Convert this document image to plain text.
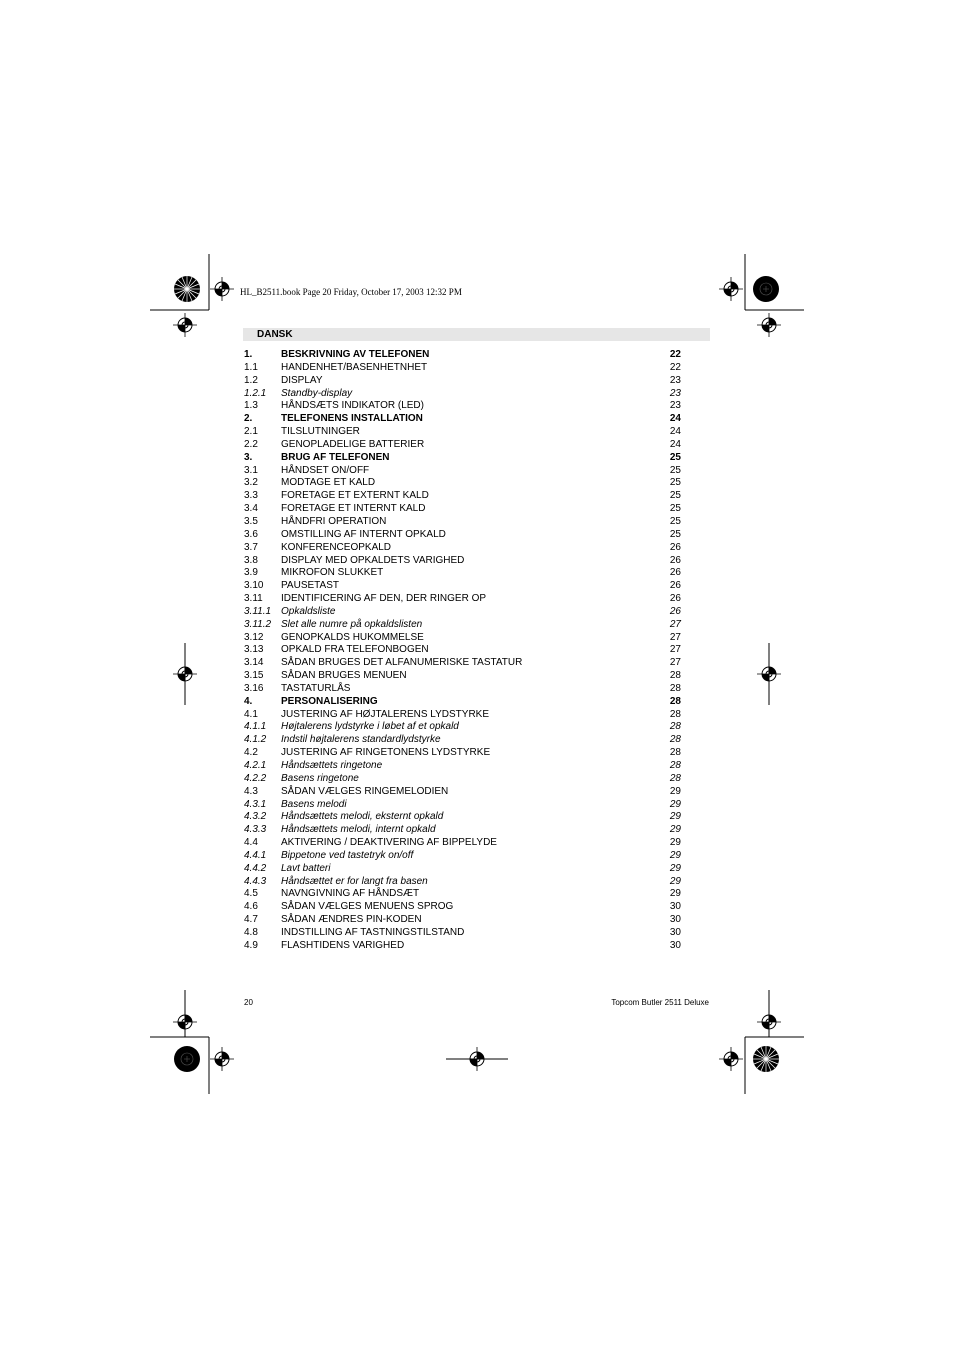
HL_B2511.book Page 20 Friday, October 17, 2003 12:32 PM
DANSK
1.	BESKRIVNING AV TELEFONEN	22
1.1 HANDENHET/BASENHETNHET	22
1.2 DISPLAY	23
1.2.1 Standby-display	23
1.3 HÅNDSÆTS INDIKATOR (LED)	23
2.	TELEFONENS INSTALLATION	24
2.1 TILSLUTNINGER	24
2.2 GENOPLADELIGE BATTERIER	24
3.	BRUG AF TELEFONEN	25
3.1 HÅNDSET ON/OFF	25
3.2 MODTAGE ET KALD	25
3.3 FORETAGE ET EXTERNT KALD	25
3.4 FORETAGE ET INTERNT KALD	25
3.5 HÅNDFRI OPERATION	25
3.6 OMSTILLING AF INTERNT OPKALD	25
3.7 KONFERENCEOPKALD	26
3.8 DISPLAY MED OPKALDETS VARIGHED	26
3.9 MIKROFON SLUKKET	26
3.10 PAUSETAST	26
3.11 IDENTIFICERING AF DEN, DER RINGER OP	26
3.11.1 Opkaldsliste	26
3.11.2 Slet alle numre på opkaldslisten	27
3.12 GENOPKALDS HUKOMMELSE	27
3.13 OPKALD FRA TELEFONBOGEN	27
3.14 SÅDAN BRUGES DET ALFANUMERISKE TASTATUR	27
3.15 SÅDAN BRUGES MENUEN	28
3.16 TASTATURLÅS	28
4.	PERSONALISERING	28
4.1 JUSTERING AF HØJTALERENS LYDSTYRKE	28
4.1.1 Højtalerens lydstyrke i løbet af et opkald	28
4.1.2 Indstil højtalerens standardlydstyrke	28
4.2 JUSTERING AF RINGETONENS LYDSTYRKE	28
4.2.1 Håndsættets ringetone	28
4.2.2 Basens ringetone	28
4.3 SÅDAN VÆLGES RINGEMELODIEN	29
4.3.1 Basens melodi	29
4.3.2 Håndsættets melodi, eksternt opkald	29
4.3.3 Håndsættets melodi, internt opkald	29
4.4 AKTIVERING / DEAKTIVERING AF BIPPELYDE	29
4.4.1 Bippetone ved tastetryk on/off	29
4.4.2 Lavt batteri	29
4.4.3 Håndsættet er for langt fra basen	29
4.5 NAVNGIVNING AF HÅNDSÆT	29
4.6 SÅDAN VÆLGES MENUENS SPROG	30
4.7 SÅDAN ÆNDRES PIN-KODEN	30
4.8 INDSTILLING AF TASTNINGSTILSTAND	30
4.9 FLASHTIDENS VARIGHED	30
20	Topcom Butler 2511 Deluxe
